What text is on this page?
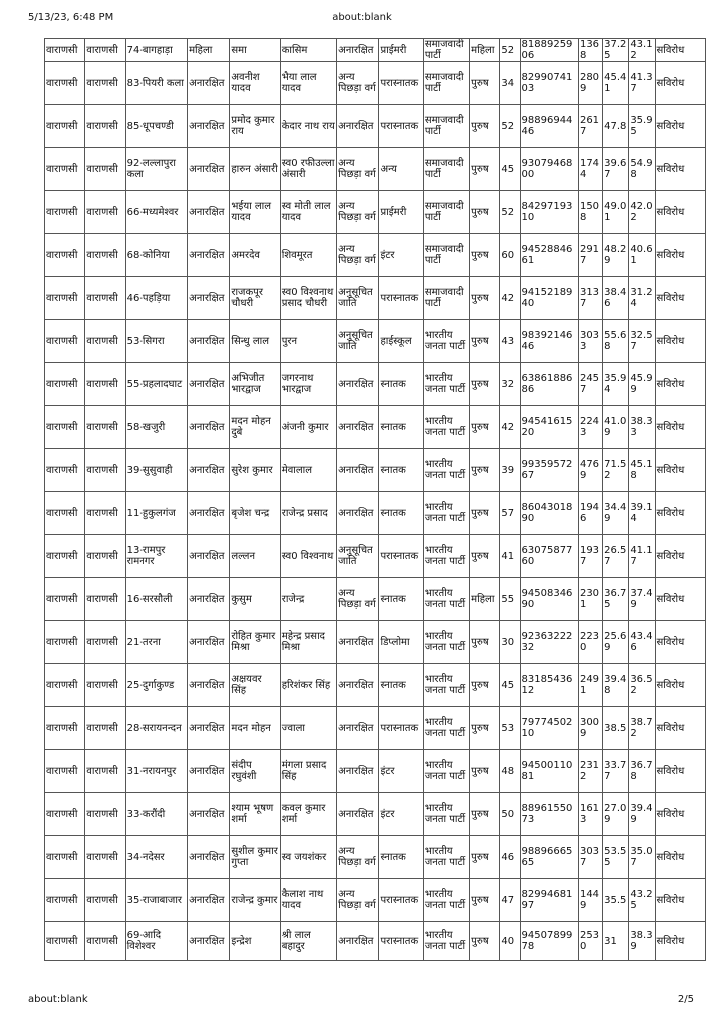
5/13/23, 6:48 PM	about:blank
वाराणसी	वाराणसी	74-बागहाड़ा	महिला	समा	कासिम	अनारक्षित	प्राईमरी	समाजवादी पार्टी	महिला	52	8188925906	1368	37.25	43.12	सविरोध
वाराणसी	वाराणसी	83-पियरी कला	अनारक्षित	अवनीश यादव	भैया लाल यादव	अन्य पिछड़ा वर्ग	परास्नातक	समाजवादी पार्टी	पुरुष	34	8299074103	2809	45.41	41.37	सविरोध
वाराणसी	वाराणसी	85-धूपचण्डी	अनारक्षित	प्रमोद कुमार राय	केदार नाथ राय	अनारक्षित	परास्नातक	समाजवादी पार्टी	पुरुष	52	9889694446	2617	47.8	35.95	सविरोध
वाराणसी	वाराणसी	92-लल्लापुरा कला	अनारक्षित	हारुन अंसारी	स्व0 रफीउल्ला अंसारी	अन्य पिछड़ा वर्ग	अन्य	समाजवादी पार्टी	पुरुष	45	9307946800	1744	39.67	54.98	सविरोध
वाराणसी	वाराणसी	66-मध्यमेश्वर	अनारक्षित	भईया लाल यादव	स्व मोती लाल यादव	अन्य पिछड़ा वर्ग	प्राईमरी	समाजवादी पार्टी	पुरुष	52	8429719310	1508	49.01	42.02	सविरोध
वाराणसी	वाराणसी	68-कोनिया	अनारक्षित	अमरदेव	शिवमूरत	अन्य पिछड़ा वर्ग	इंटर	समाजवादी पार्टी	पुरुष	60	9452884661	2917	48.29	40.61	सविरोध
वाराणसी	वाराणसी	46-पहड़िया	अनारक्षित	राजकपूर चौधरी	स्व0 विश्वनाथ प्रसाद चौधरी	अनुसूचित जाति	परास्नातक	समाजवादी पार्टी	पुरुष	42	9415218940	3137	38.46	31.24	सविरोध
वाराणसी	वाराणसी	53-सिगरा	अनारक्षित	सिन्धु लाल	पुरन	अनुसूचित जाति	हाईस्कूल	भारतीय जनता पार्टी	पुरुष	43	9839214646	3033	55.68	32.57	सविरोध
वाराणसी	वाराणसी	55-प्रहलादघाट	अनारक्षित	अभिजीत भारद्वाज	जगरनाथ भारद्वाज	अनारक्षित	स्नातक	भारतीय जनता पार्टी	पुरुष	32	6386188686	2457	35.94	45.99	सविरोध
वाराणसी	वाराणसी	58-खजुरी	अनारक्षित	मदन मोहन दुबे	अंजनी कुमार	अनारक्षित	स्नातक	भारतीय जनता पार्टी	पुरुष	42	9454161520	2243	41.09	38.33	सविरोध
वाराणसी	वाराणसी	39-सुसुवाही	अनारक्षित	सुरेश कुमार	मेवालाल	अनारक्षित	स्नातक	भारतीय जनता पार्टी	पुरुष	39	9935957267	4769	71.52	45.18	सविरोध
वाराणसी	वाराणसी	11-हुकुलगंज	अनारक्षित	बृजेश चन्द्र	राजेन्द्र प्रसाद	अनारक्षित	स्नातक	भारतीय जनता पार्टी	पुरुष	57	8604301890	1946	34.49	39.14	सविरोध
वाराणसी	वाराणसी	13-रामपुर रामनगर	अनारक्षित	लल्लन	स्व0 विश्वनाथ	अनुसूचित जाति	परास्नातक	भारतीय जनता पार्टी	पुरुष	41	6307587760	1937	26.57	41.17	सविरोध
वाराणसी	वाराणसी	16-सरसौली	अनारक्षित	कुसुम	राजेन्द्र	अन्य पिछड़ा वर्ग	स्नातक	भारतीय जनता पार्टी	महिला	55	9450834690	2301	36.75	37.49	सविरोध
वाराणसी	वाराणसी	21-तरना	अनारक्षित	रोहित कुमार मिश्रा	महेन्द्र प्रसाद मिश्रा	अनारक्षित	डिप्लोमा	भारतीय जनता पार्टी	पुरुष	30	9236322232	2230	25.69	43.46	सविरोध
वाराणसी	वाराणसी	25-दुर्गाकुण्ड	अनारक्षित	अक्षयवर सिंह	हरिशंकर सिंह	अनारक्षित	स्नातक	भारतीय जनता पार्टी	पुरुष	45	8318543612	2491	39.48	36.52	सविरोध
वाराणसी	वाराणसी	28-सरायनन्दन	अनारक्षित	मदन मोहन	ज्वाला	अनारक्षित	परास्नातक	भारतीय जनता पार्टी	पुरुष	53	7977450210	3009	38.5	38.72	सविरोध
वाराणसी	वाराणसी	31-नरायनपुर	अनारक्षित	संदीप रघुवंशी	मंगला प्रसाद सिंह	अनारक्षित	इंटर	भारतीय जनता पार्टी	पुरुष	48	9450011081	2312	33.77	36.78	सविरोध
वाराणसी	वाराणसी	33-करौंदी	अनारक्षित	श्याम भूषण शर्मा	कवल कुमार शर्मा	अनारक्षित	इंटर	भारतीय जनता पार्टी	पुरुष	50	8896155073	1613	27.09	39.49	सविरोध
वाराणसी	वाराणसी	34-नदेसर	अनारक्षित	सुशील कुमार गुप्ता	स्व जयशंकर	अन्य पिछड़ा वर्ग	स्नातक	भारतीय जनता पार्टी	पुरुष	46	9889666565	3037	53.55	35.07	सविरोध
वाराणसी	वाराणसी	35-राजाबाजार	अनारक्षित	राजेन्द्र कुमार	कैलाश नाथ यादव	अन्य पिछड़ा वर्ग	परास्नातक	भारतीय जनता पार्टी	पुरुष	47	8299468197	1449	35.5	43.25	सविरोध
वाराणसी	वाराणसी	69-आदि विशेश्वर	अनारक्षित	इन्द्रेश	श्री लाल बहादुर	अनारक्षित	परास्नातक	भारतीय जनता पार्टी	पुरुष	40	9450789978	2530	31	38.39	सविरोध
about:blank	2/5
